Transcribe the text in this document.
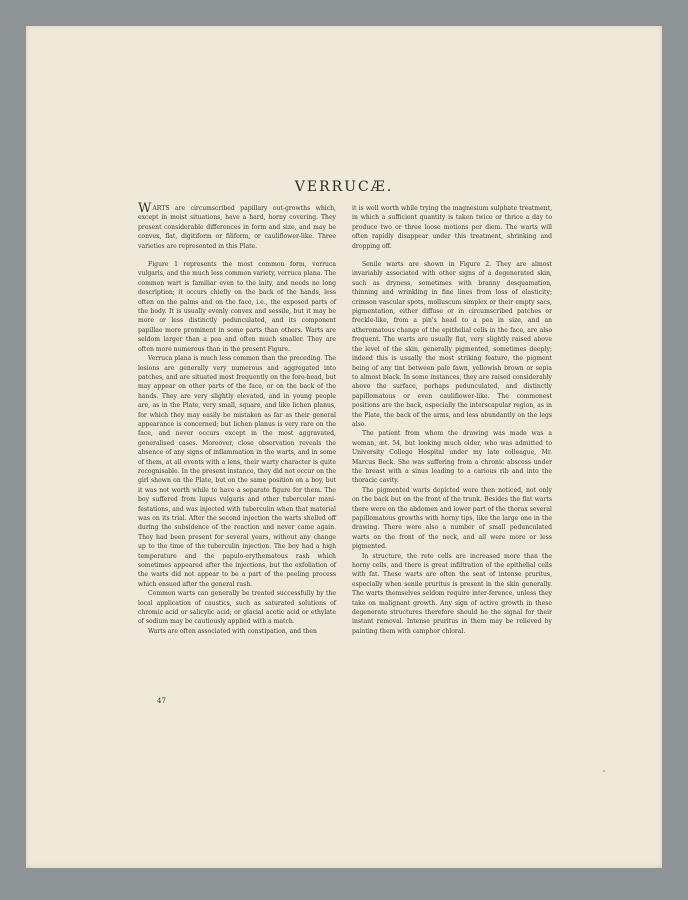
VERRUCÆ.

WARTS are circumscribed papillary out-growths which, except in moist situations, have a hard, horny covering. They present considerable differences in form and size, and may be convex, flat, digitiform or filiform, or cauliflower-like. Three varieties are represented in this Plate.

Figure 1 represents the most common form, verruca vulgaris, and the much less common variety, verruca plana. The common wart is familiar even to the laity, and needs no long description; it occurs chiefly on the back of the hands, less often on the palms and on the face, i.e., the exposed parts of the body. It is usually evenly convex and sessile, but it may be more or less distinctly pedunculated, and its component papillae more prominent in some parts than others. Warts are seldom larger than a pea and often much smaller. They are often more numerous than in the present Figure.

Verruca plana is much less common than the preceding. The lesions are generally very numerous and aggregated into patches, and are situated most frequently on the fore-head, but may appear on other parts of the face, or on the back of the hands. They are very slightly elevated, and in young people are, as in the Plate, very small, square, and like lichen planus, for which they may easily be mistaken as far as their general appearance is concerned; but lichen planus is very rare on the face, and never occurs except in the most aggravated, generalised cases. Moreover, close observation reveals the absence of any signs of inflammation in the warts, and in some of them, at all events with a lens, their warty character is quite recognisable. In the present instance, they did not occur on the girl shown on the Plate, but on the same position on a boy, but it was not worth while to have a separate figure for them. The boy suffered from lupus vulgaris and other tubercular mani-festations, and was injected with tuberculin when that material was on its trial. After the second injection the warts shelled off during the subsidence of the reaction and never came again. They had been present for several years, without any change up to the time of the tuberculin injection. The boy had a high temperature and the papulo-erythematous rash which sometimes appeared after the injections, but the exfoliation of the warts did not appear to be a part of the peeling process which ensued after the general rash.

Common warts can generally be treated successfully by the local application of caustics, such as saturated solutions of chromic acid or salicylic acid; or glacial acetic acid or ethylate of sodium may be cautiously applied with a match.

Warts are often associated with constipation, and then

it is well worth while trying the magnesium sulphate treatment, in which a sufficient quantity is taken twice or thrice a day to produce two or three loose motions per diem. The warts will often rapidly disappear under this treatment, shrinking and dropping off.

Senile warts are shown in Figure 2. They are almost invariably associated with other signs of a degenerated skin, such as dryness, sometimes with branny desquamation, thinning and wrinkling in fine lines from loss of elasticity; crimson vascular spots, molluscum simplex or their empty sacs, pigmentation, either diffuse or in circumscribed patches or freckle-like, from a pin's head to a pea in size, and an atheromatous change of the epithelial cells in the face, are also frequent. The warts are usually flat, very slightly raised above the level of the skin, generally pigmented, sometimes deeply; indeed this is usually the most striking feature, the pigment being of any tint between pale fawn, yellowish brown or sepia to almost black. In some instances, they are raised considerably above the surface, perhaps pedunculated, and distinctly papillomatous or even cauliflower-like. The commonest positions are the back, especially the interscapular region, as in the Plate, the back of the arms, and less abundantly on the legs also.

The patient from whom the drawing was made was a woman, æt. 54, but looking much older, who was admitted to University College Hospital under my late colleague, Mr. Marcus Beck. She was suffering from a chronic abscess under the breast with a sinus leading to a carious rib and into the thoracic cavity.

The pigmented warts depicted were then noticed, not only on the back but on the front of the trunk. Besides the flat warts there were on the abdomen and lower part of the thorax several papillomatous growths with horny tips, like the large one in the drawing. There were also a number of small pedunculated warts on the front of the neck, and all were more or less pigmented.

In structure, the rete cells are increased more than the horny cells, and there is great infiltration of the epithelial cells with fat. These warts are often the seat of intense pruritus, especially when senile pruritus is present in the skin generally. The warts themselves seldom require inter-ference, unless they take on malignant growth. Any sign of active growth in these degenerate structures therefore should be the signal for their instant removal. Intense pruritus in them may be relieved by painting them with camphor chloral.

47
